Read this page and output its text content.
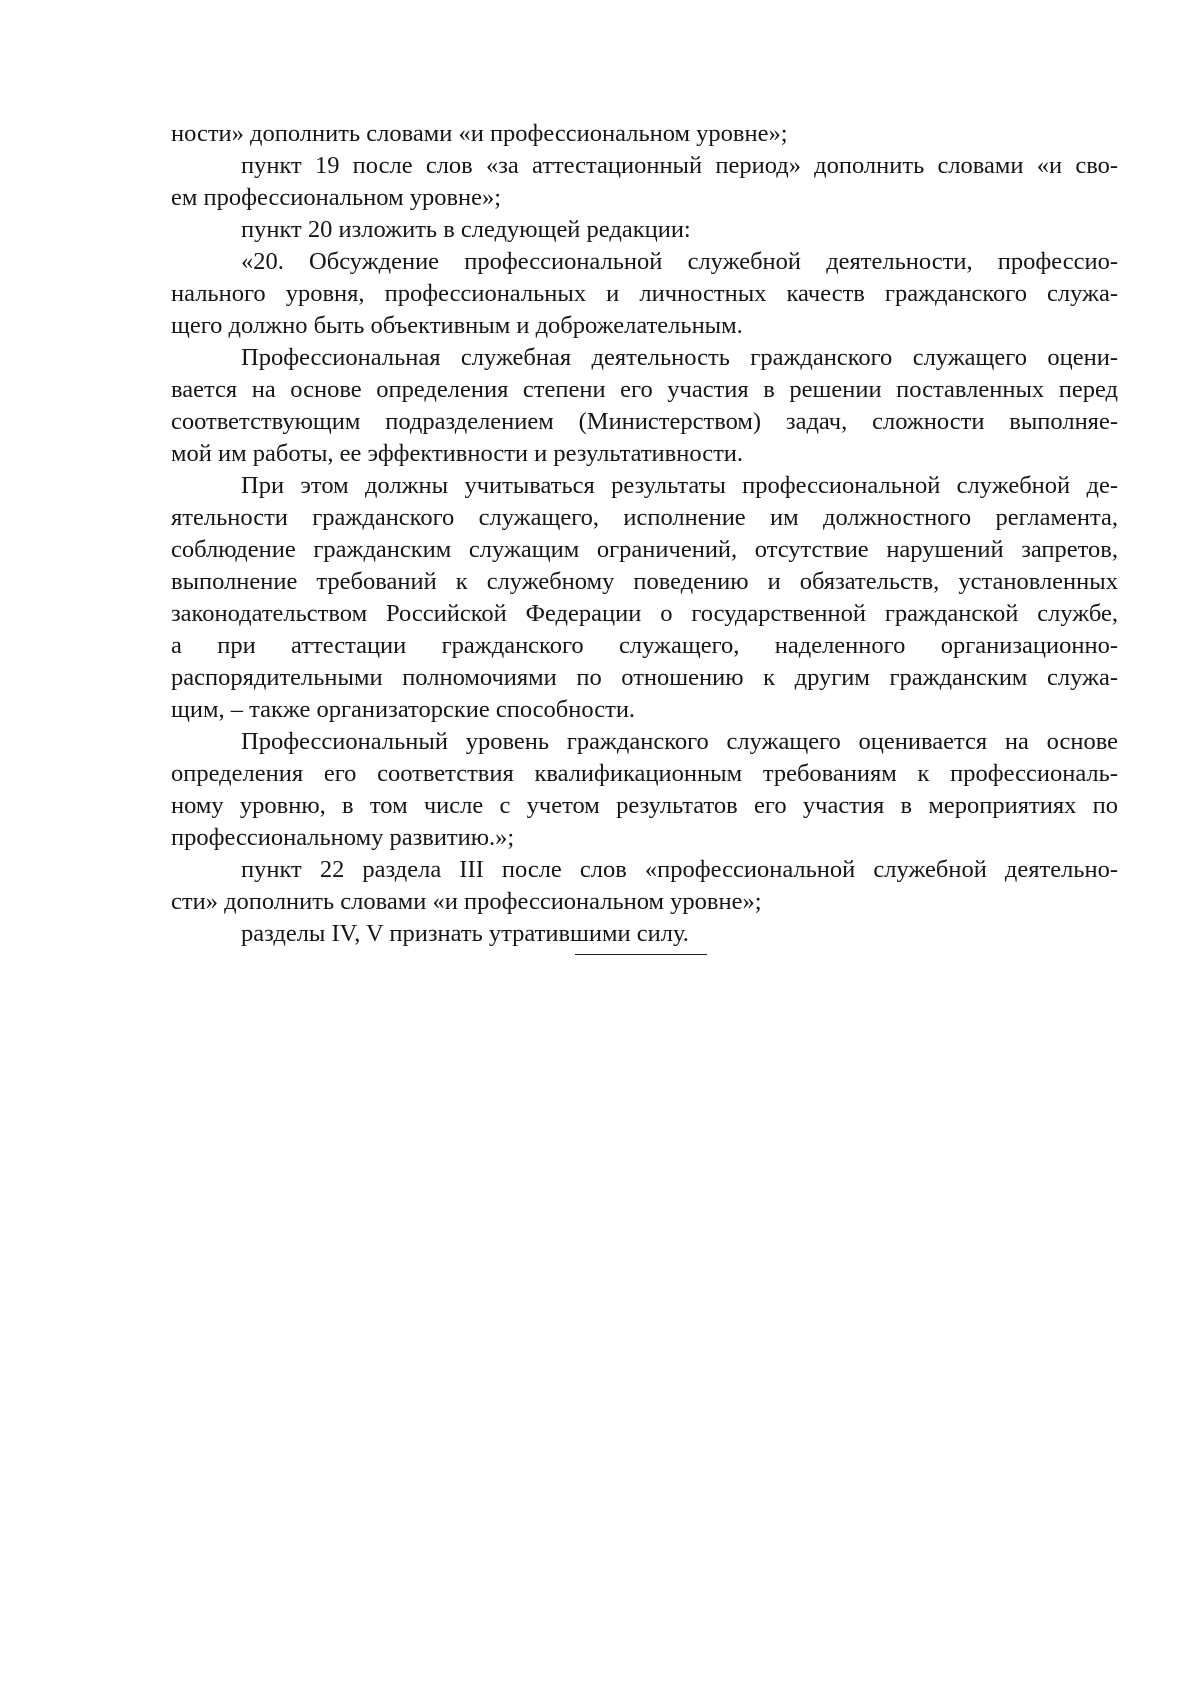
ности» дополнить словами «и профессиональном уровне»;
пункт 19 после слов «за аттестационный период» дополнить словами «и сво-
ем профессиональном уровне»;
пункт 20 изложить в следующей редакции:
«20. Обсуждение профессиональной служебной деятельности, профессио-
нального уровня, профессиональных и личностных качеств гражданского служа-
щего должно быть объективным и доброжелательным.
Профессиональная служебная деятельность гражданского служащего оцени-
вается на основе определения степени его участия в решении поставленных перед
соответствующим подразделением (Министерством) задач, сложности выполняе-
мой им работы, ее эффективности и результативности.
При этом должны учитываться результаты профессиональной служебной де-
ятельности гражданского служащего, исполнение им должностного регламента,
соблюдение гражданским служащим ограничений, отсутствие нарушений запретов,
выполнение требований к служебному поведению и обязательств, установленных
законодательством Российской Федерации о государственной гражданской службе,
а при аттестации гражданского служащего, наделенного организационно-
распорядительными полномочиями по отношению к другим гражданским служа-
щим, – также организаторские способности.
Профессиональный уровень гражданского служащего оценивается на основе
определения его соответствия квалификационным требованиям к профессиональ-
ному уровню, в том числе с учетом результатов его участия в мероприятиях по
профессиональному развитию.»;
пункт 22 раздела III после слов «профессиональной служебной деятельно-
сти» дополнить словами «и профессиональном уровне»;
разделы IV, V признать утратившими силу.
